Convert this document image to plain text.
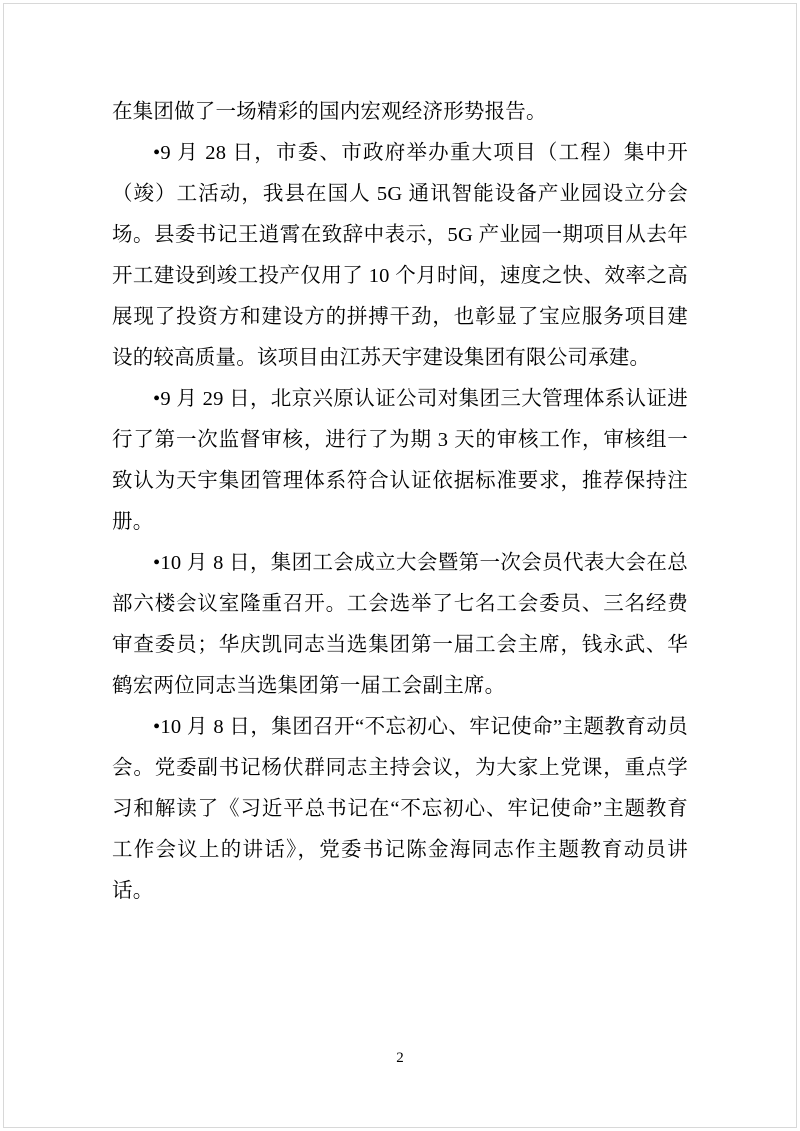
在集团做了一场精彩的国内宏观经济形势报告。

•9 月 28 日，市委、市政府举办重大项目（工程）集中开（竣）工活动，我县在国人 5G 通讯智能设备产业园设立分会场。县委书记王逍霄在致辞中表示，5G 产业园一期项目从去年开工建设到竣工投产仅用了 10 个月时间，速度之快、效率之高展现了投资方和建设方的拼搏干劲，也彰显了宝应服务项目建设的较高质量。该项目由江苏天宇建设集团有限公司承建。

•9 月 29 日，北京兴原认证公司对集团三大管理体系认证进行了第一次监督审核，进行了为期 3 天的审核工作，审核组一致认为天宇集团管理体系符合认证依据标准要求，推荐保持注册。

•10 月 8 日，集团工会成立大会暨第一次会员代表大会在总部六楼会议室隆重召开。工会选举了七名工会委员、三名经费审查委员；华庆凯同志当选集团第一届工会主席，钱永武、华鹤宏两位同志当选集团第一届工会副主席。

•10 月 8 日，集团召开“不忘初心、牢记使命”主题教育动员会。党委副书记杨伏群同志主持会议，为大家上党课，重点学习和解读了《习近平总书记在“不忘初心、牢记使命”主题教育工作会议上的讲话》，党委书记陈金海同志作主题教育动员讲话。

2
